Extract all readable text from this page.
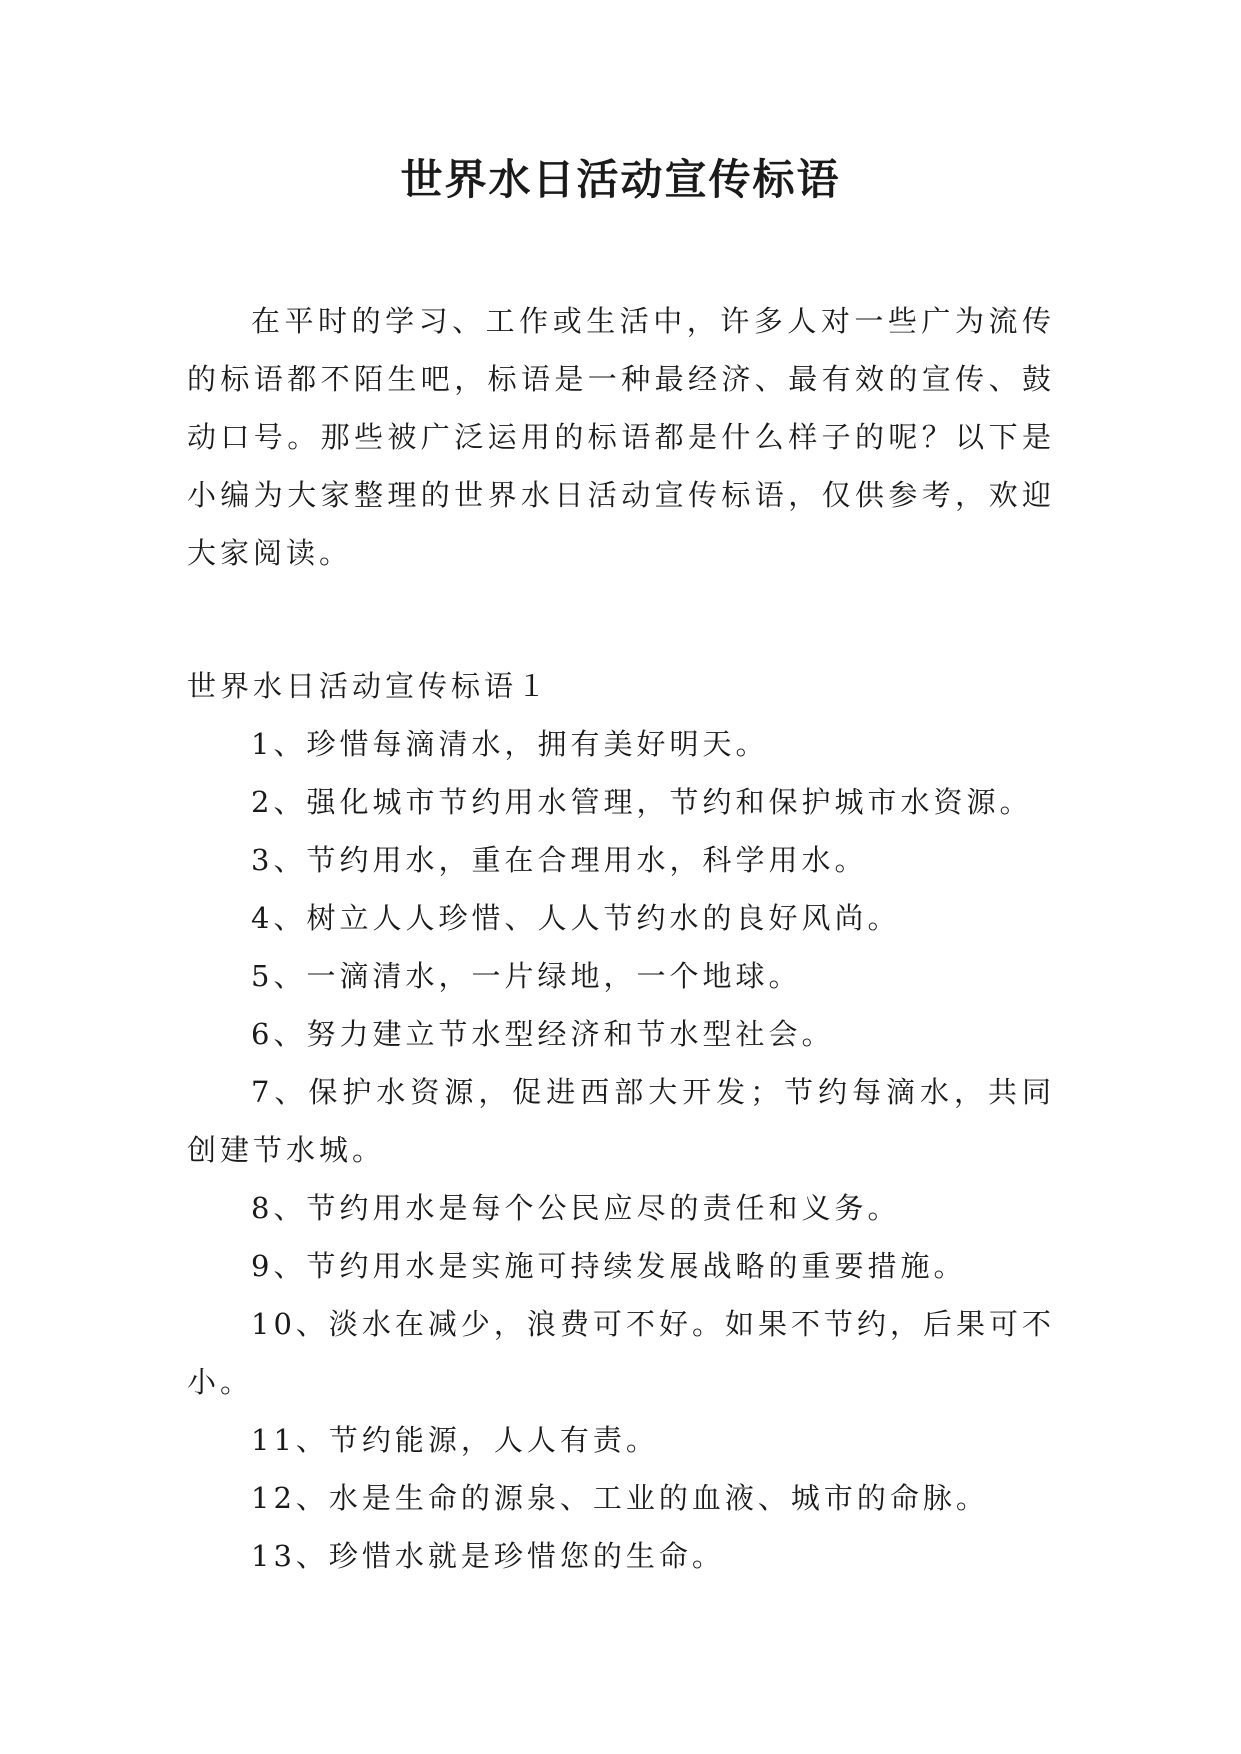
世界水日活动宣传标语

在平时的学习、工作或生活中，许多人对一些广为流传的标语都不陌生吧，标语是一种最经济、最有效的宣传、鼓动口号。那些被广泛运用的标语都是什么样子的呢？以下是小编为大家整理的世界水日活动宣传标语，仅供参考，欢迎大家阅读。

世界水日活动宣传标语１

1、珍惜每滴清水，拥有美好明天。
2、强化城市节约用水管理，节约和保护城市水资源。
3、节约用水，重在合理用水，科学用水。
4、树立人人珍惜、人人节约水的良好风尚。
5、一滴清水，一片绿地，一个地球。
6、努力建立节水型经济和节水型社会。
7、保护水资源，促进西部大开发；节约每滴水，共同创建节水城。
8、节约用水是每个公民应尽的责任和义务。
9、节约用水是实施可持续发展战略的重要措施。
10、淡水在减少，浪费可不好。如果不节约，后果可不小。
11、节约能源，人人有责。
12、水是生命的源泉、工业的血液、城市的命脉。
13、珍惜水就是珍惜您的生命。
